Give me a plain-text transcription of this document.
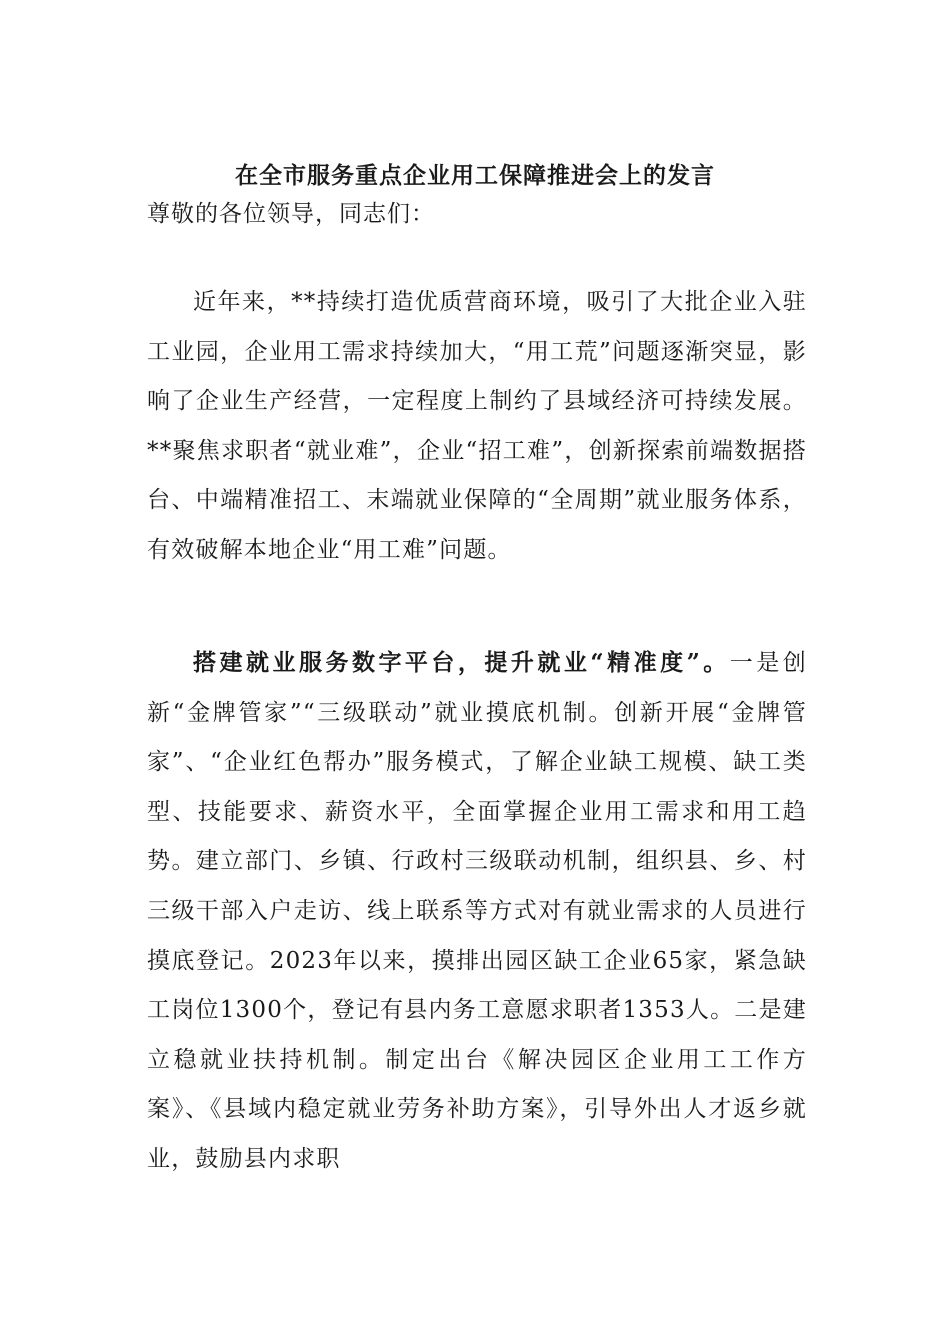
在全市服务重点企业用工保障推进会上的发言
尊敬的各位领导，同志们：

近年来，**持续打造优质营商环境，吸引了大批企业入驻工业园，企业用工需求持续加大，“用工荒”问题逐渐突显，影响了企业生产经营，一定程度上制约了县域经济可持续发展。**聚焦求职者“就业难”，企业“招工难”，创新探索前端数据搭台、中端精准招工、末端就业保障的“全周期”就业服务体系，有效破解本地企业“用工难”问题。

搭建就业服务数字平台，提升就业“精准度”。一是创新“金牌管家”“三级联动”就业摸底机制。创新开展“金牌管家”、“企业红色帮办”服务模式，了解企业缺工规模、缺工类型、技能要求、薪资水平，全面掌握企业用工需求和用工趋势。建立部门、乡镇、行政村三级联动机制，组织县、乡、村三级干部入户走访、线上联系等方式对有就业需求的人员进行摸底登记。2023年以来，摸排出园区缺工企业65家，紧急缺工岗位1300个，登记有县内务工意愿求职者1353人。二是建立稳就业扶持机制。制定出台《解决园区企业用工工作方案》、《县域内稳定就业劳务补助方案》，引导外出人才返乡就业，鼓励县内求职
